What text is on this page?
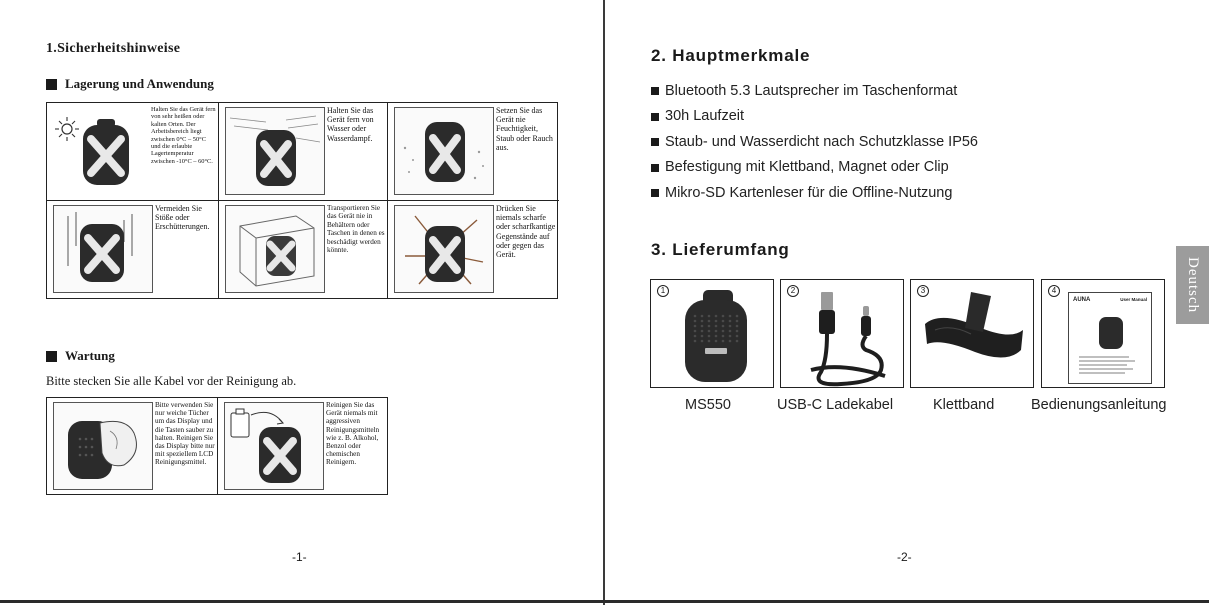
1.Sicherheitshinweise
Lagerung und Anwendung
Halten Sie das Gerät fern von sehr heißen oder kalten Orten. Der Arbeitsbereich liegt zwischen 0°C – 50°C und die erlaubte Lagertemperatur zwischen -10°C – 60°C.
Halten Sie das Gerät fern von Wasser oder Wasserdampf.
Setzen Sie das Gerät nie Feuchtigkeit, Staub oder Rauch aus.
Vermeiden Sie Stöße oder Erschütterungen.
Transportieren Sie das Gerät nie in Behältern oder Taschen in denen es beschädigt werden könnte.
Drücken Sie niemals scharfe oder scharfkantige Gegenstände auf oder gegen das Gerät.
Wartung
Bitte stecken Sie alle Kabel vor der Reinigung ab.
Bitte verwenden Sie nur weiche Tücher um das Display und die Tasten sauber zu halten. Reinigen Sie das Display bitte nur mit speziellem LCD Reinigungsmittel.
Reinigen Sie das Gerät niemals mit aggressiven Reinigungsmitteln wie z. B. Alkohol, Benzol oder chemischen Reinigern.
-1-
2. Hauptmerkmale
Bluetooth 5.3 Lautsprecher im Taschenformat
30h Laufzeit
Staub- und Wasserdicht nach Schutzklasse IP56
Befestigung mit Klettband, Magnet oder Clip
Mikro-SD Kartenleser für die Offline-Nutzung
3. Lieferumfang
1
MS550
2
USB-C Ladekabel
3
Klettband
4
AUNA	User Manual
Bedienungsanleitung
Deutsch
-2-
